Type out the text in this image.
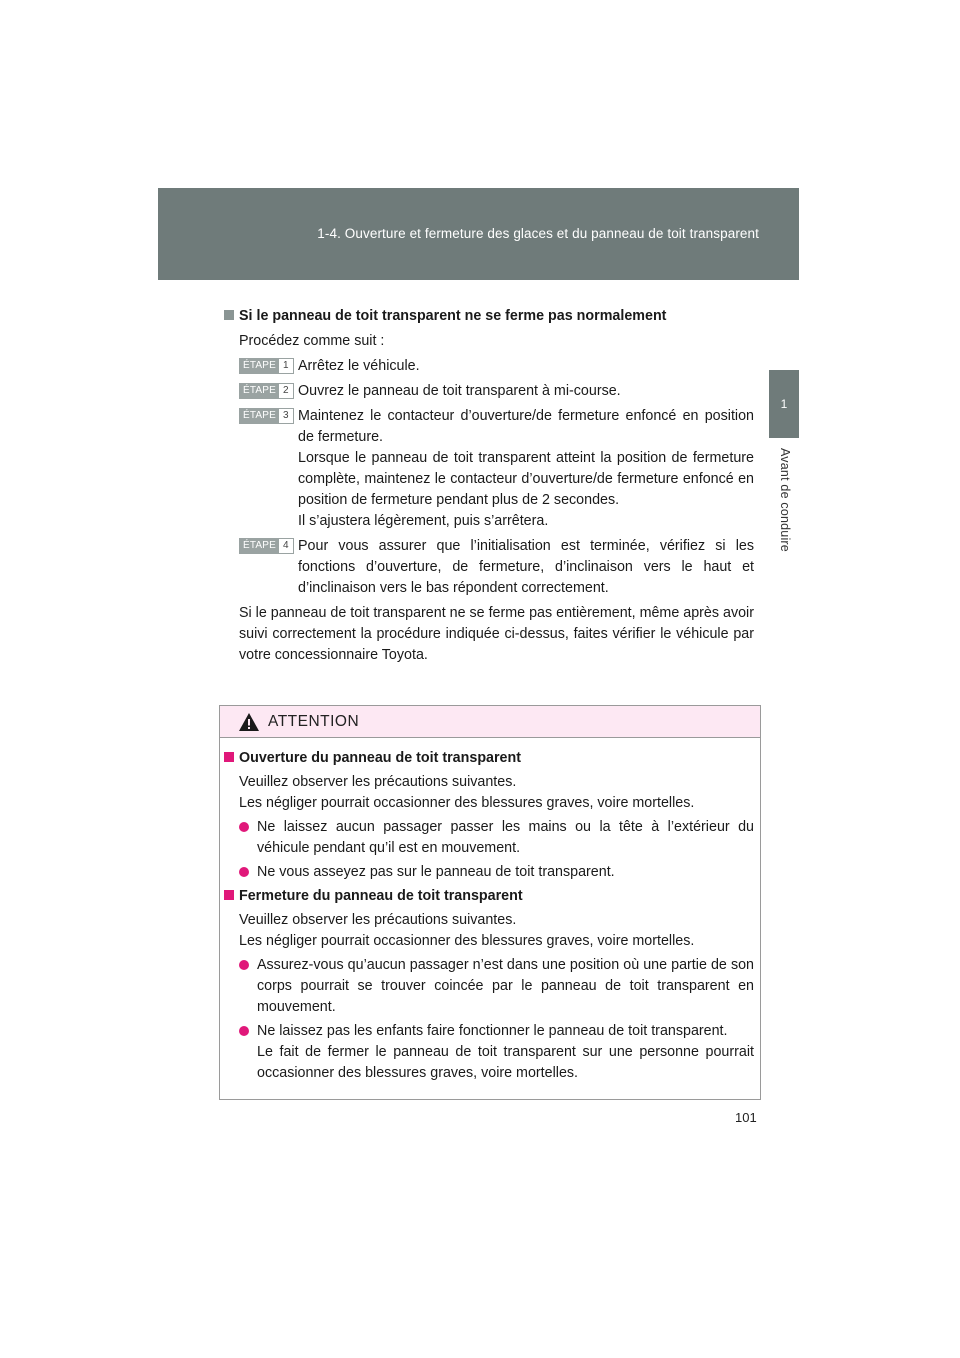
1-4. Ouverture et fermeture des glaces et du panneau de toit transparent
1
Avant de conduire

Si le panneau de toit transparent ne se ferme pas normalement

Procédez comme suit :

ÉTAPE 1 Arrêtez le véhicule.
ÉTAPE 2 Ouvrez le panneau de toit transparent à mi-course.
ÉTAPE 3 Maintenez le contacteur d’ouverture/de fermeture enfoncé en position de fermeture.
Lorsque le panneau de toit transparent atteint la position de fermeture complète, maintenez le contacteur d’ouverture/de fermeture enfoncé en position de fermeture pendant plus de 2 secondes.
Il s’ajustera légèrement, puis s’arrêtera.
ÉTAPE 4 Pour vous assurer que l’initialisation est terminée, vérifiez si les fonctions d’ouverture, de fermeture, d’inclinaison vers le haut et d’inclinaison vers le bas répondent correctement.

Si le panneau de toit transparent ne se ferme pas entièrement, même après avoir suivi correctement la procédure indiquée ci-dessus, faites vérifier le véhicule par votre concessionnaire Toyota.

ATTENTION

Ouverture du panneau de toit transparent

Veuillez observer les précautions suivantes.

Les négliger pourrait occasionner des blessures graves, voire mortelles.

Ne laissez aucun passager passer les mains ou la tête à l’extérieur du véhicule pendant qu’il est en mouvement.
Ne vous asseyez pas sur le panneau de toit transparent.

Fermeture du panneau de toit transparent

Veuillez observer les précautions suivantes.

Les négliger pourrait occasionner des blessures graves, voire mortelles.

Assurez-vous qu’aucun passager n’est dans une position où une partie de son corps pourrait se trouver coincée par le panneau de toit transparent en mouvement.
Ne laissez pas les enfants faire fonctionner le panneau de toit transparent.
Le fait de fermer le panneau de toit transparent sur une personne pourrait occasionner des blessures graves, voire mortelles.
101
